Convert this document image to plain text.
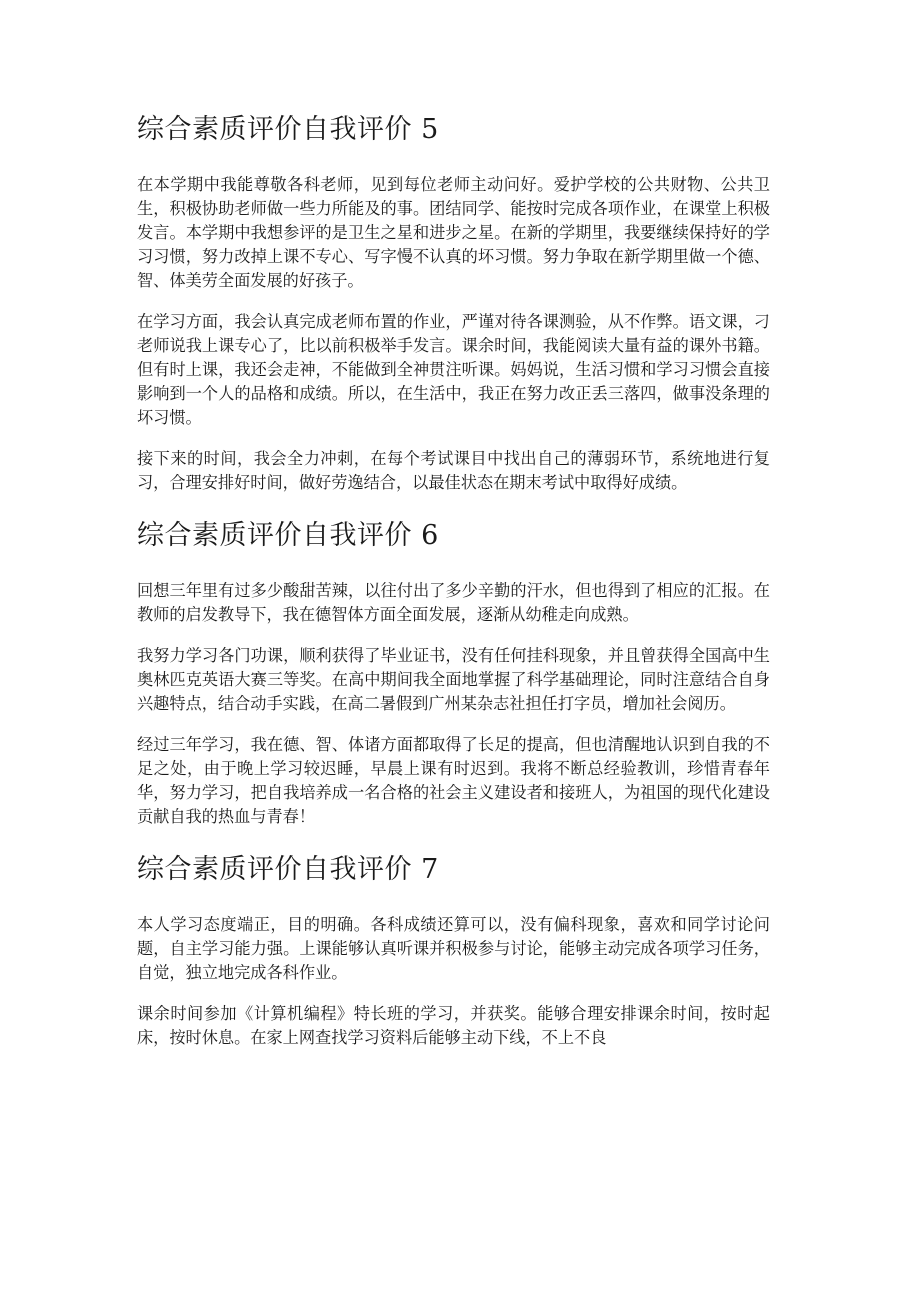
综合素质评价自我评价 5

在本学期中我能尊敬各科老师，见到每位老师主动问好。爱护学校的公共财物、公共卫生，积极协助老师做一些力所能及的事。团结同学、能按时完成各项作业，在课堂上积极发言。本学期中我想参评的是卫生之星和进步之星。在新的学期里，我要继续保持好的学习习惯，努力改掉上课不专心、写字慢不认真的坏习惯。努力争取在新学期里做一个德、智、体美劳全面发展的好孩子。

在学习方面，我会认真完成老师布置的作业，严谨对待各课测验，从不作弊。语文课，刁老师说我上课专心了，比以前积极举手发言。课余时间，我能阅读大量有益的课外书籍。但有时上课，我还会走神，不能做到全神贯注听课。妈妈说，生活习惯和学习习惯会直接影响到一个人的品格和成绩。所以，在生活中，我正在努力改正丢三落四，做事没条理的坏习惯。

接下来的时间，我会全力冲刺，在每个考试课目中找出自己的薄弱环节，系统地进行复习，合理安排好时间，做好劳逸结合，以最佳状态在期末考试中取得好成绩。

综合素质评价自我评价 6

回想三年里有过多少酸甜苦辣，以往付出了多少辛勤的汗水，但也得到了相应的汇报。在教师的启发教导下，我在德智体方面全面发展，逐渐从幼稚走向成熟。

我努力学习各门功课，顺利获得了毕业证书，没有任何挂科现象，并且曾获得全国高中生奥林匹克英语大赛三等奖。在高中期间我全面地掌握了科学基础理论，同时注意结合自身兴趣特点，结合动手实践，在高二暑假到广州某杂志社担任打字员，增加社会阅历。

经过三年学习，我在德、智、体诸方面都取得了长足的提高，但也清醒地认识到自我的不足之处，由于晚上学习较迟睡，早晨上课有时迟到。我将不断总经验教训，珍惜青春年华，努力学习，把自我培养成一名合格的社会主义建设者和接班人，为祖国的现代化建设贡献自我的热血与青春！

综合素质评价自我评价 7

本人学习态度端正，目的明确。各科成绩还算可以，没有偏科现象，喜欢和同学讨论问题，自主学习能力强。上课能够认真听课并积极参与讨论，能够主动完成各项学习任务，自觉，独立地完成各科作业。

课余时间参加《计算机编程》特长班的学习，并获奖。能够合理安排课余时间，按时起床，按时休息。在家上网查找学习资料后能够主动下线，不上不良
